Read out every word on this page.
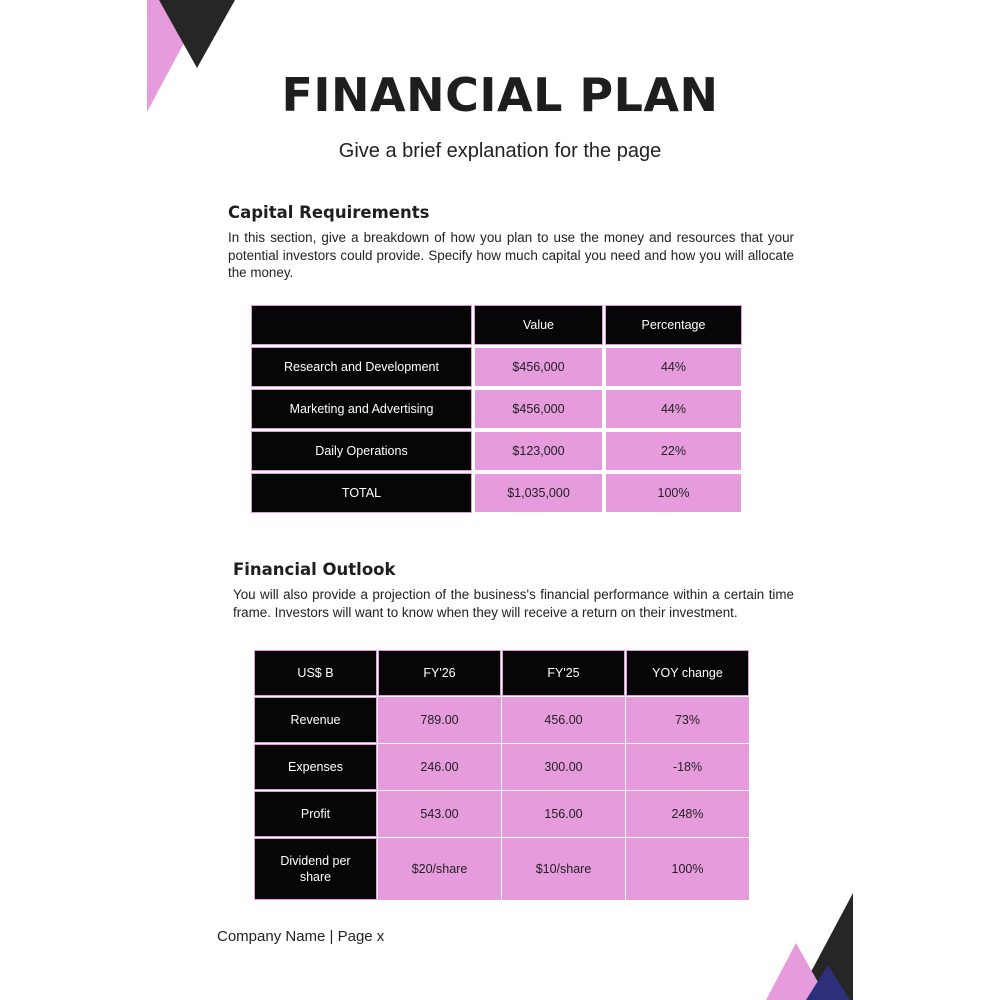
FINANCIAL PLAN
Give a brief explanation for the page
Capital Requirements
In this section, give a breakdown of how you plan to use the money and resources that your potential investors could provide. Specify how much capital you need and how you will allocate the money.
	Value	Percentage
Research and Development	$456,000	44%
Marketing and Advertising	$456,000	44%
Daily Operations	$123,000	22%
TOTAL	$1,035,000	100%
Financial Outlook
You will also provide a projection of the business's financial performance within a certain time frame. Investors will want to know when they will receive a return on their investment.
US$ B	FY'26	FY'25	YOY change
Revenue	789.00	456.00	73%
Expenses	246.00	300.00	-18%
Profit	543.00	156.00	248%
Dividend per share	$20/share	$10/share	100%
Company Name | Page x
